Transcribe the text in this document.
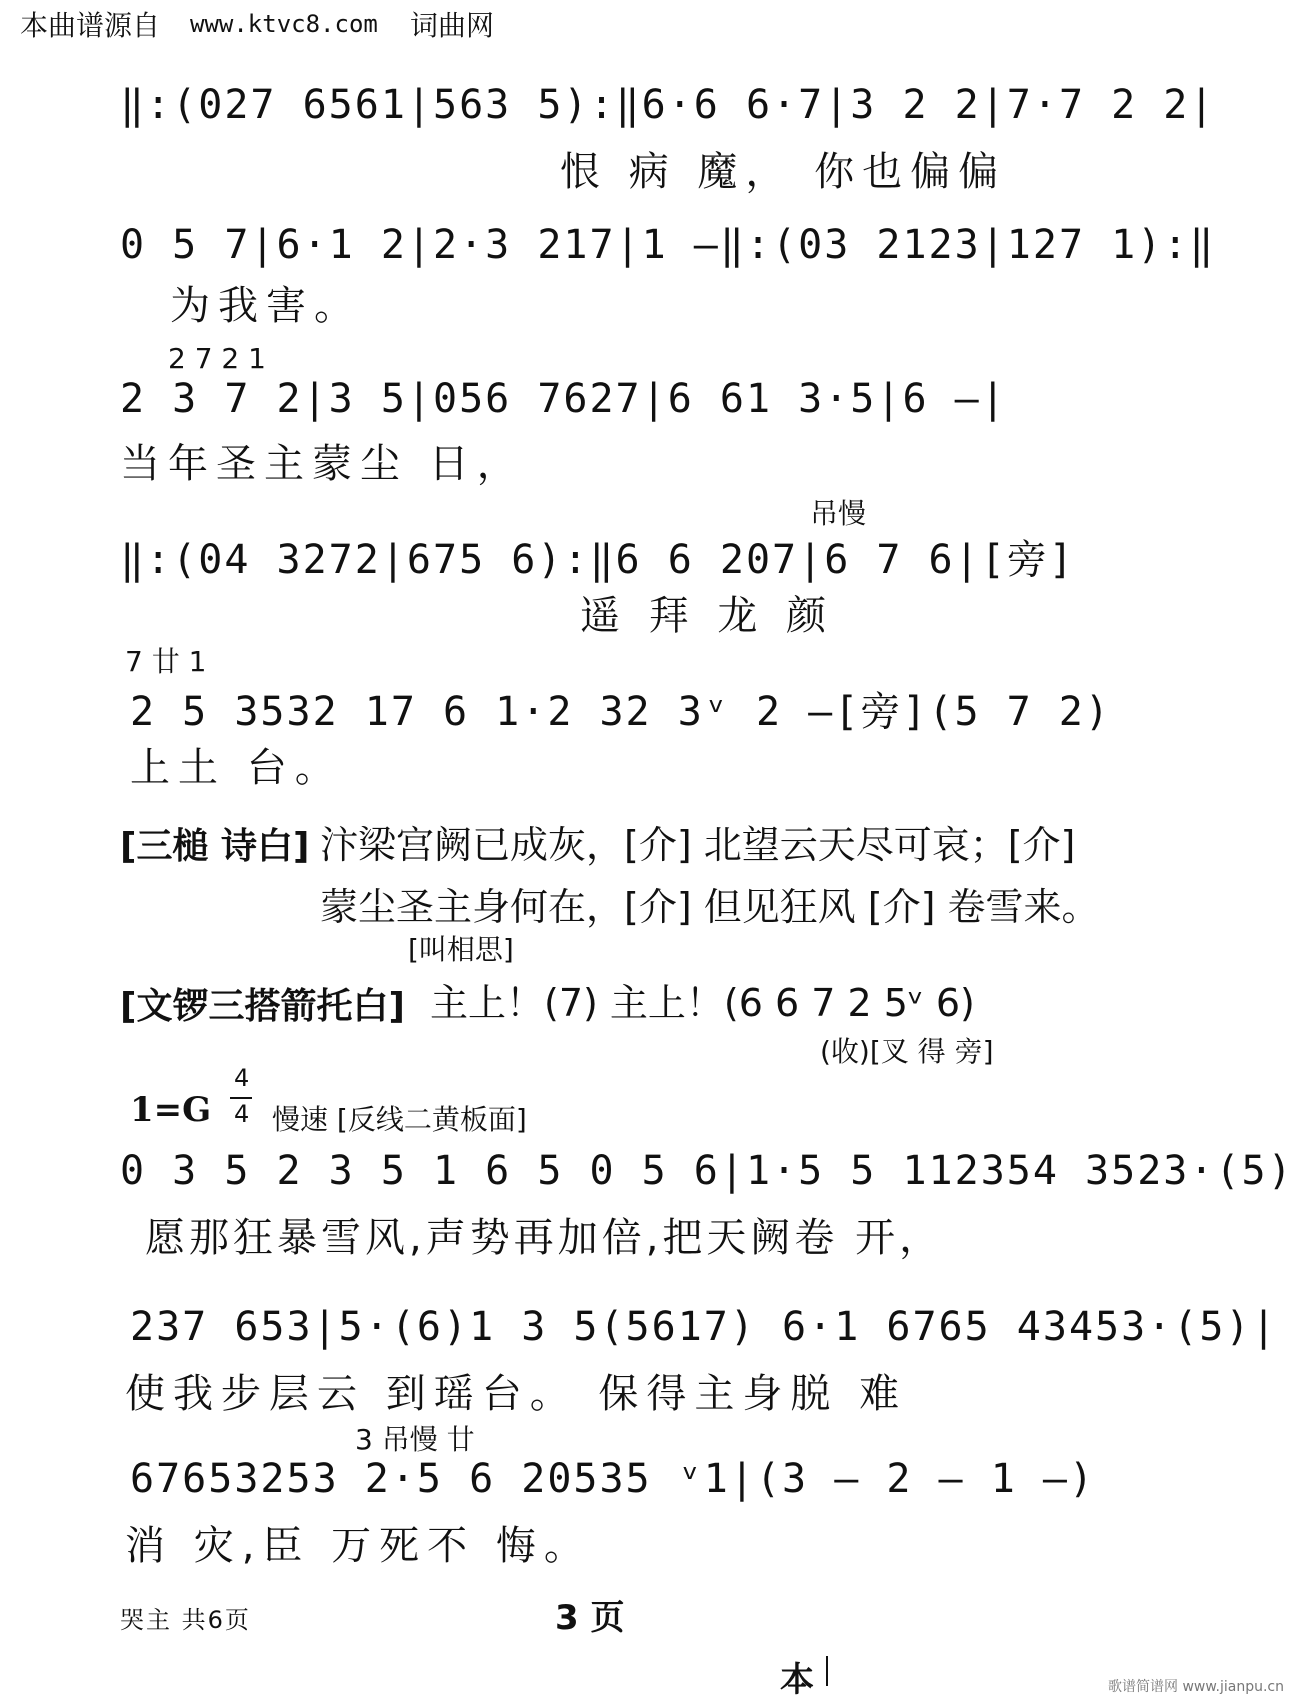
本曲谱源自 www.ktvc8.com 词曲网
‖:(027 6561|563 5):‖6·6 6·7|3 2 2|7·7 2 2|
恨 病 魔， 你也偏偏
0 5 7|6·1 2|2·3 217|1 —‖:(03 2123|127 1):‖
为我害。
2 7 2 1
2 3 7 2|3 5|056 7627|6 61 3·5|6 —|
当年圣主蒙尘 日，
吊慢
‖:(04 3272|675 6):‖6 6 207|6 7 6|[旁]
遥 拜 龙 颜
7 廿 1
2 5 3532 17 6 1·2 32 3ᵛ 2 —[旁](5 7 2)
上土 台。
[三槌 诗白] 汴梁宫阙已成灰，[介] 北望云天尽可哀；[介]
蒙尘圣主身何在，[介] 但见狂风 [介] 卷雪来。
[叫相思]
[文锣三搭箭托白] 主上！(7) 主上！(6 6 7 2 5ᵛ 6)
(收)[叉 得 旁]
1=G
4
4 慢速 [反线二黄板面]
0 3 5 2 3 5 1 6 5 0 5 6|1·5 5 112354 3523·(5)
愿那狂暴雪风,声势再加倍,把天阙卷 开，
237 653|5·(6)1 3 5(5617) 6·1 6765 43453·(5)|
使我步层云 到瑶台。 保得主身脱 难
3 吊慢 廿
67653253 2·5 6 20535 ᵛ1|(3 — 2 — 1 —)
消 灾,臣 万死不 悔。
哭主 共6页	3 页
本	歌谱简谱网 www.jianpu.cn
